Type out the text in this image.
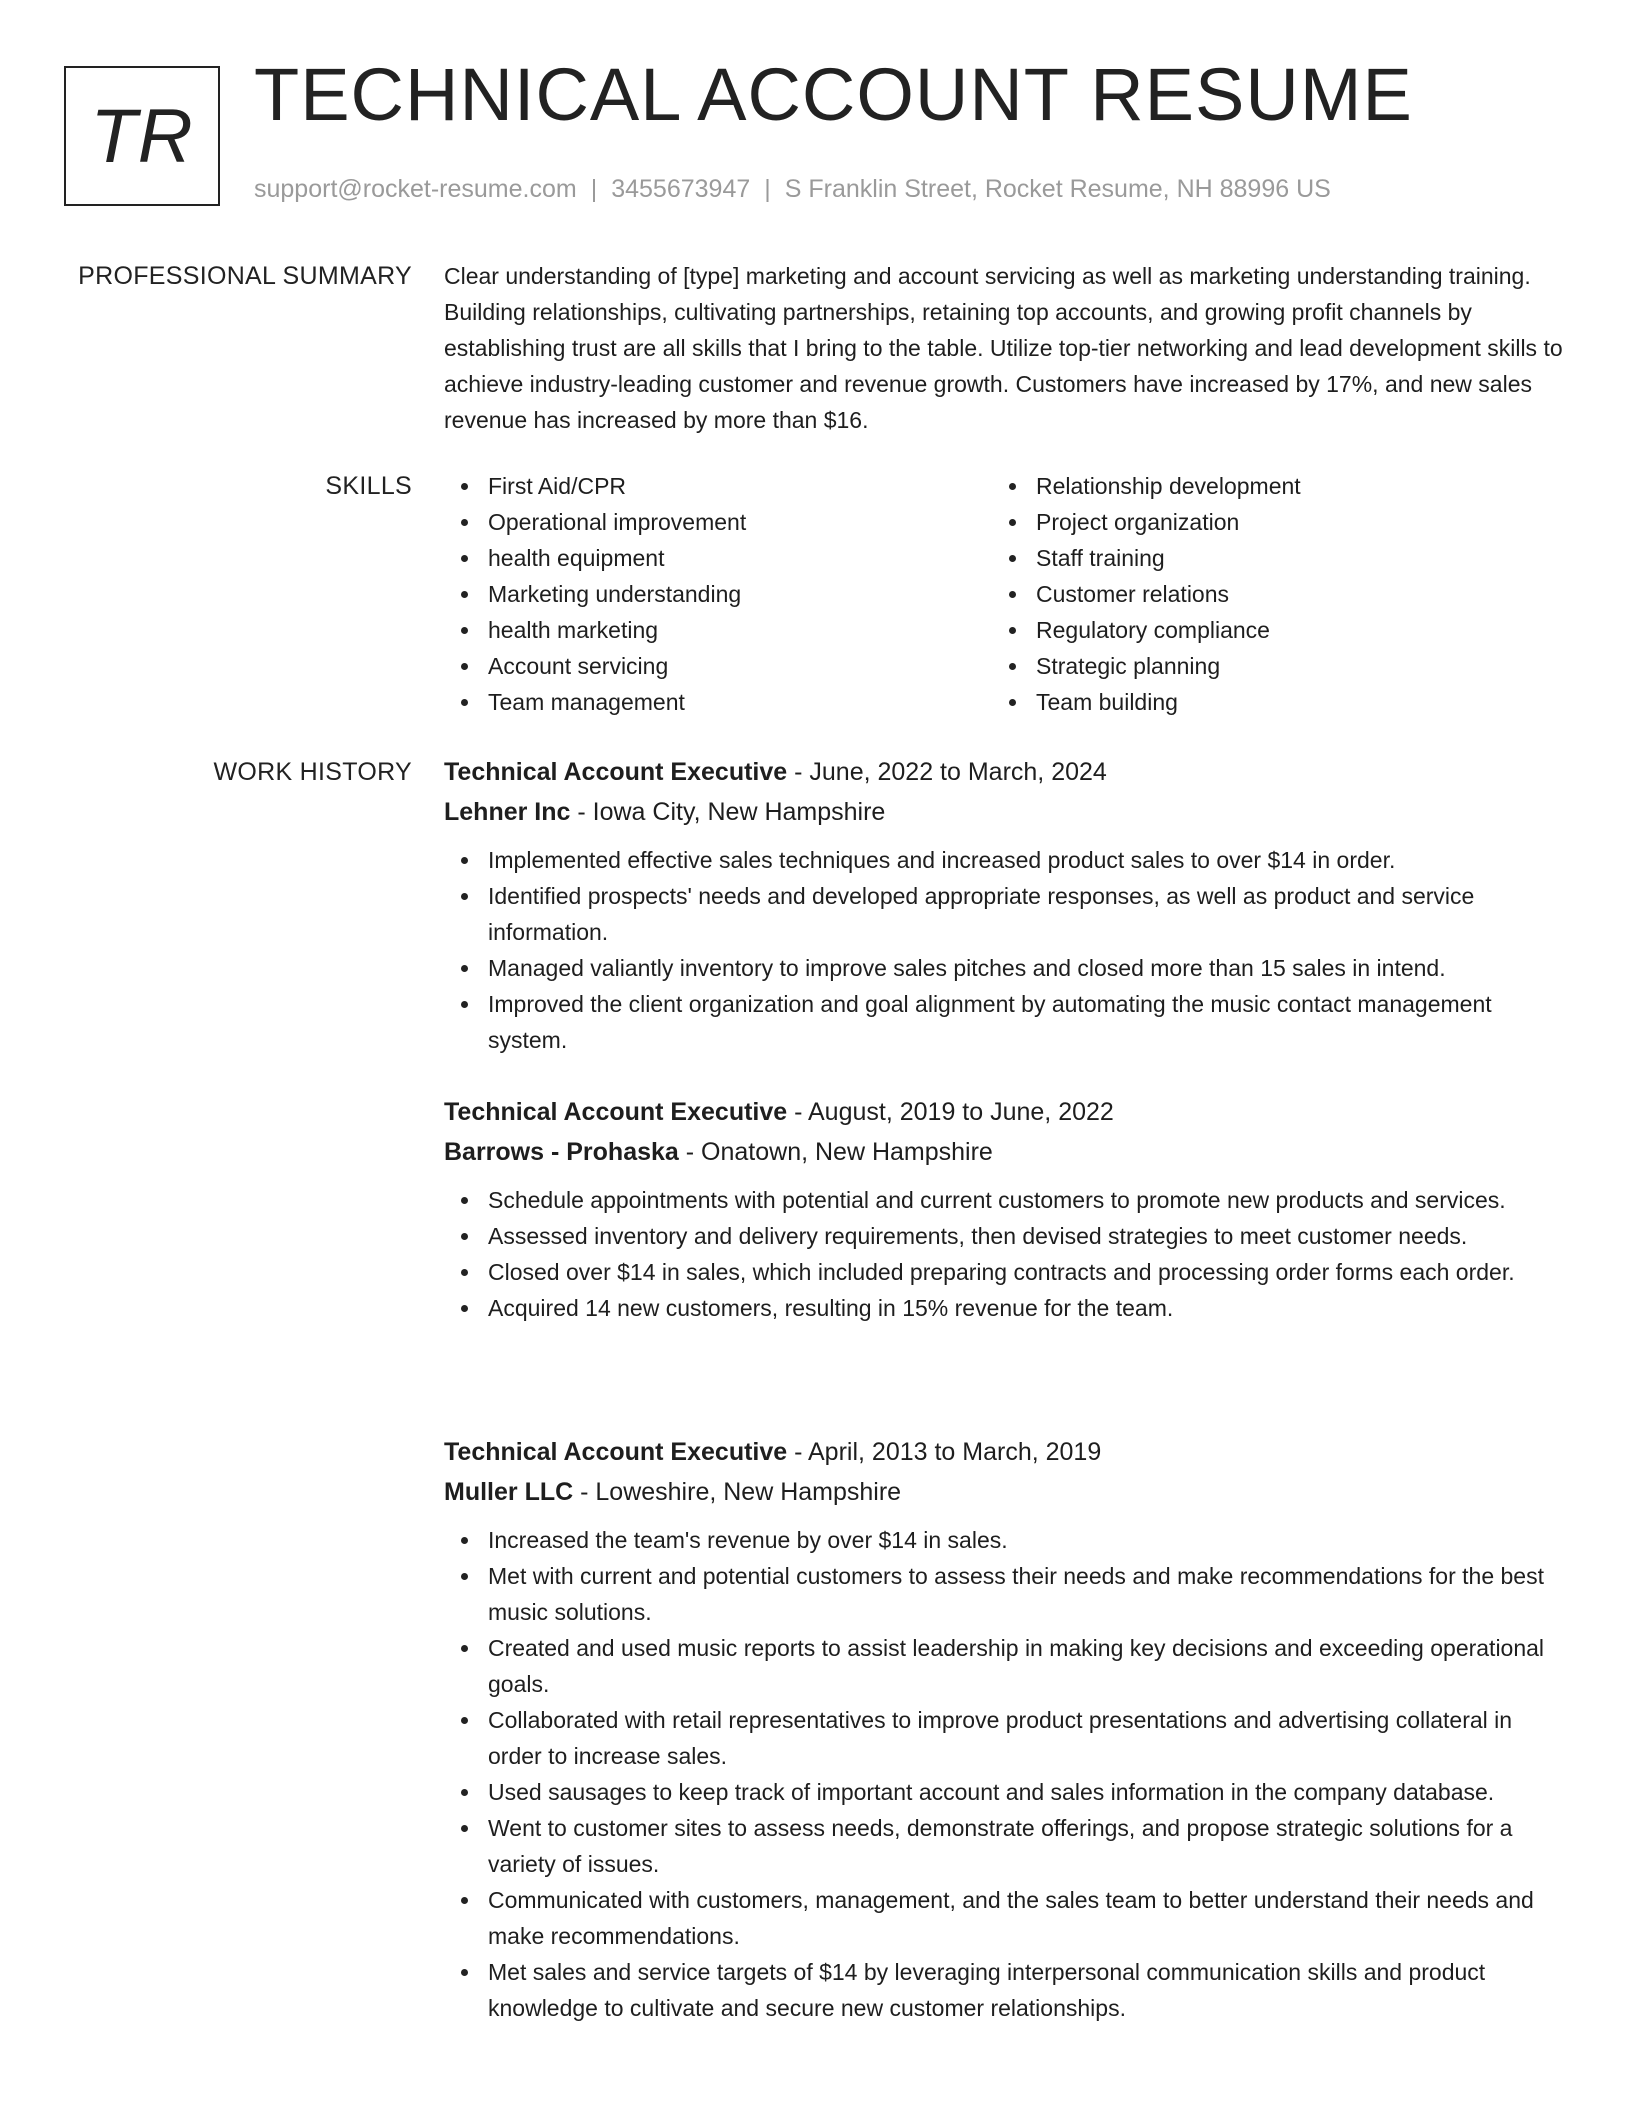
TR TECHNICAL ACCOUNT RESUME
support@rocket-resume.com | 3455673947 | S Franklin Street, Rocket Resume, NH 88996 US
PROFESSIONAL SUMMARY Clear understanding of [type] marketing and account servicing as well as marketing understanding training. Building relationships, cultivating partnerships, retaining top accounts, and growing profit channels by establishing trust are all skills that I bring to the table. Utilize top-tier networking and lead development skills to achieve industry-leading customer and revenue growth. Customers have increased by 17%, and new sales revenue has increased by more than $16.

SKILLS	First Aid/CPR
Operational improvement
health equipment
Marketing understanding
health marketing
Account servicing
Team management
Relationship development
Project organization
Staff training
Customer relations
Regulatory compliance
Strategic planning
Team building
WORK HISTORY Technical Account Executive - June, 2022 to March, 2024
Lehner Inc - Iowa City, New Hampshire
Implemented effective sales techniques and increased product sales to over $14 in order.
Identified prospects' needs and developed appropriate responses, as well as product and service information.
Managed valiantly inventory to improve sales pitches and closed more than 15 sales in intend.
Improved the client organization and goal alignment by automating the music contact management system.
Technical Account Executive - August, 2019 to June, 2022
Barrows - Prohaska - Onatown, New Hampshire
Schedule appointments with potential and current customers to promote new products and services.
Assessed inventory and delivery requirements, then devised strategies to meet customer needs.
Closed over $14 in sales, which included preparing contracts and processing order forms each order.
Acquired 14 new customers, resulting in 15% revenue for the team.
Technical Account Executive - April, 2013 to March, 2019
Muller LLC - Loweshire, New Hampshire
Increased the team's revenue by over $14 in sales.
Met with current and potential customers to assess their needs and make recommendations for the best music solutions.
Created and used music reports to assist leadership in making key decisions and exceeding operational goals.
Collaborated with retail representatives to improve product presentations and advertising collateral in order to increase sales.
Used sausages to keep track of important account and sales information in the company database.
Went to customer sites to assess needs, demonstrate offerings, and propose strategic solutions for a variety of issues.
Communicated with customers, management, and the sales team to better understand their needs and make recommendations.
Met sales and service targets of $14 by leveraging interpersonal communication skills and product knowledge to cultivate and secure new customer relationships.
